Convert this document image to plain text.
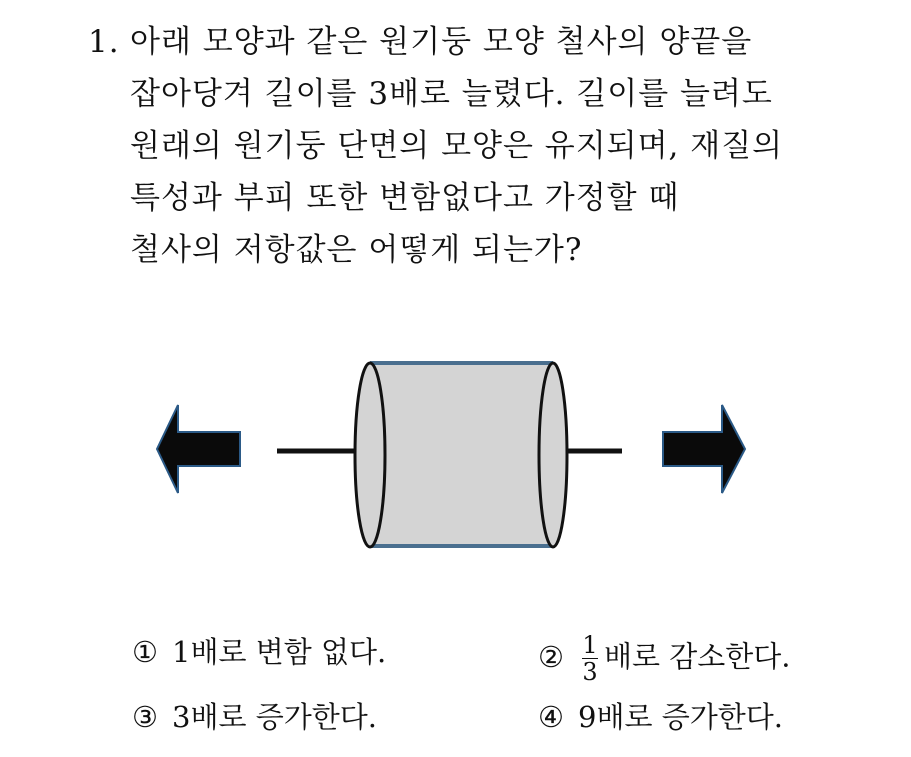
1. 아래 모양과 같은 원기둥 모양 철사의 양끝을
잡아당겨 길이를 3배로 늘렸다. 길이를 늘려도
원래의 원기둥 단면의 모양은 유지되며, 재질의
특성과 부피 또한 변함없다고 가정할 때
철사의 저항값은 어떻게 되는가?
① 1배로 변함 없다.	② $\frac{1}{3}$ 배로 감소한다.
③ 3배로 증가한다.	④ 9배로 증가한다.
